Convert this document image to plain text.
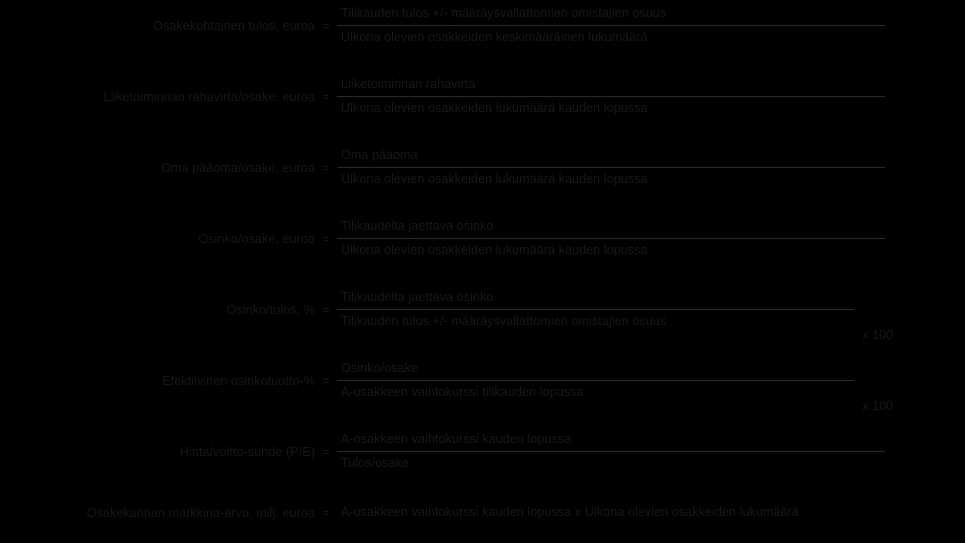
Osakekohtainen tulos, euroa = $\frac{\text{Tilikauden tulos +/- määräysvallattomien omistajien osuus}}{\text{Ulkona olevien osakkeiden keskimääräinen lukumäärä}}$
Liiketoiminnan rahavirta/osake, euroa = $\frac{\text{Liiketoiminnan rahavirta}}{\text{Ulkona olevien osakkeiden lukumäärä kauden lopussa}}$
Oma pääoma/osake, euroa = $\frac{\text{Oma pääoma}}{\text{Ulkona olevien osakkeiden lukumäärä kauden lopussa}}$
Osinko/osake, euroa = $\frac{\text{Tilikaudelta jaettava osinko}}{\text{Ulkona olevien osakkeiden lukumäärä kauden lopussa}}$
Osinko/tulos, % = $\frac{\text{Tilikaudelta jaettava osinko}}{\text{Tilikauden tulos +/- määräysvallattomien omistajien osuus}}$
x 100
Efektiivinen osinkotuotto-% = $\frac{\text{Osinko/osake}}{\text{A-osakkeen vaihtokurssi tilikauden lopussa}}$
x 100
Hinta/voitto-suhde $(P/E) = \frac{\text{A-osakkeen vaihtokurssi kauden lopussa}}{\text{Tulos/osake}}$
Osakekannan markkina-arvo, milj. euroa = A-osakkeen vaihtokurssi kauden lopussa x Ulkona olevien osakkeiden lukumäärä
